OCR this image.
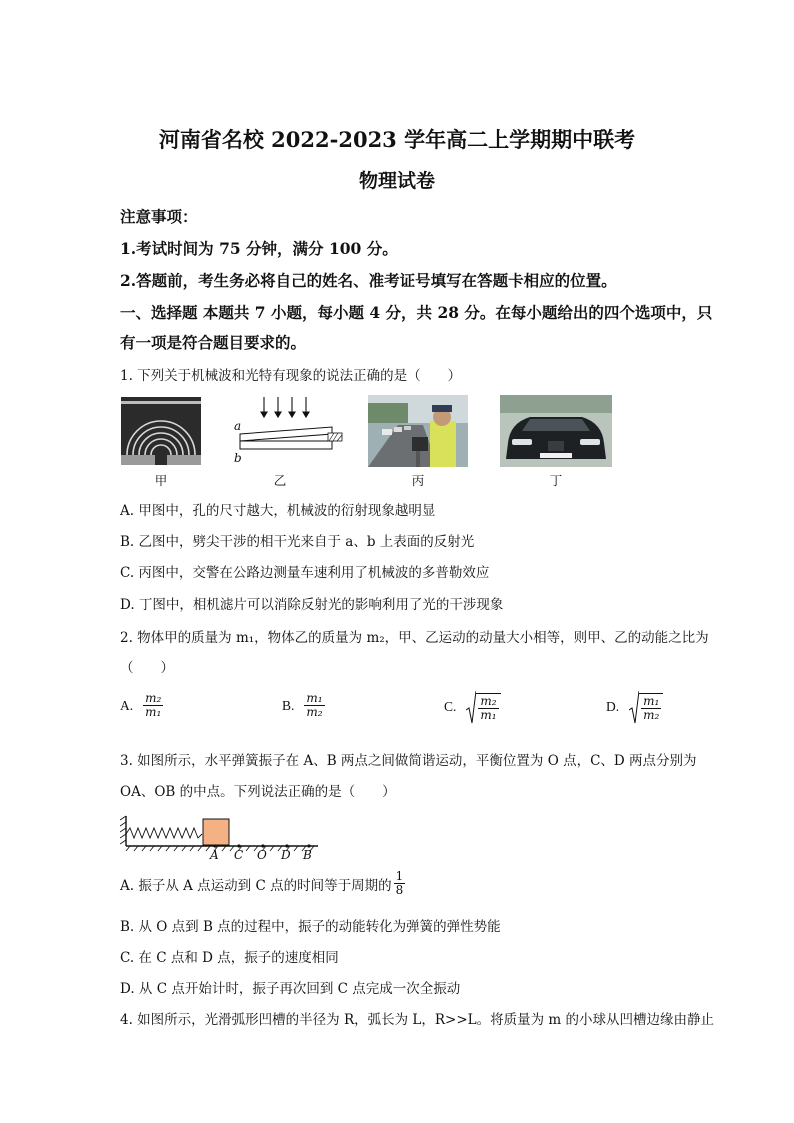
河南省名校 2022-2023 学年高二上学期期中联考
物理试卷
注意事项：
1.考试时间为 75 分钟，满分 100 分。
2.答题前，考生务必将自己的姓名、准考证号填写在答题卡相应的位置。
一、选择题 本题共 7 小题，每小题 4 分，共 28 分。在每小题给出的四个选项中，只
有一项是符合题目要求的。
1. 下列关于机械波和光特有现象的说法正确的是（　　）
甲
a
b
乙	丙	丁
A. 甲图中，孔的尺寸越大，机械波的衍射现象越明显
B. 乙图中，劈尖干涉的相干光来自于 a、b 上表面的反射光
C. 丙图中，交警在公路边测量车速利用了机械波的多普勒效应
D. 丁图中，相机滤片可以消除反射光的影响利用了光的干涉现象
2. 物体甲的质量为 m₁，物体乙的质量为 m₂，甲、乙运动的动量大小相等，则甲、乙的动能之比为
（　　）
A. $\frac{\text{m₂}}{\text{m₁}}$	B. $\frac{\text{m₁}}{\text{m₂}}$	C. $\frac{\text{m₂}}{\text{m₁}}$	D. $\frac{\text{m₁}}{\text{m₂}}$
3. 如图所示，水平弹簧振子在 A、B 两点之间做简谐运动，平衡位置为 O 点，C、D 两点分别为
OA、OB 的中点。下列说法正确的是（　　）
A C O D B
A. 振子从 A 点运动到 C 点的时间等于周期的 $\frac{1}{8}$
B. 从 O 点到 B 点的过程中，振子的动能转化为弹簧的弹性势能
C. 在 C 点和 D 点，振子的速度相同
D. 从 C 点开始计时，振子再次回到 C 点完成一次全振动
4. 如图所示，光滑弧形凹槽的半径为 R，弧长为 L，R>>L。将质量为 m 的小球从凹槽边缘由静止
